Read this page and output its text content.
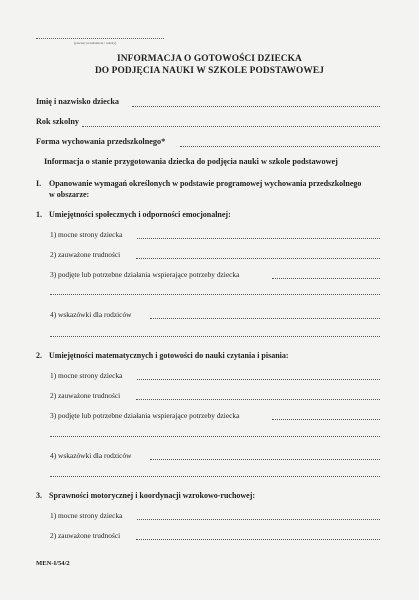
(pieczęć przedszkola / szkoły)
INFORMACJA O GOTOWOŚCI DZIECKA
DO PODJĘCIA NAUKI W SZKOLE PODSTAWOWEJ
Imię i nazwisko dziecka
Rok szkolny
Forma wychowania przedszkolnego*
Informacja o stanie przygotowania dziecka do podjęcia nauki w szkole podstawowej
I. Opanowanie wymagań określonych w podstawie programowej wychowania przedszkolnego
w obszarze:
1. Umiejętności społecznych i odporności emocjonalnej:
1) mocne strony dziecka
2) zauważone trudności
3) podjęte lub potrzebne działania wspierające potrzeby dziecka
4) wskazówki dla rodziców
2. Umiejętności matematycznych i gotowości do nauki czytania i pisania:
1) mocne strony dziecka
2) zauważone trudności
3) podjęte lub potrzebne działania wspierające potrzeby dziecka
4) wskazówki dla rodziców
3. Sprawności motorycznej i koordynacji wzrokowo-ruchowej:
1) mocne strony dziecka
2) zauważone trudności
MEN-I/54/2
